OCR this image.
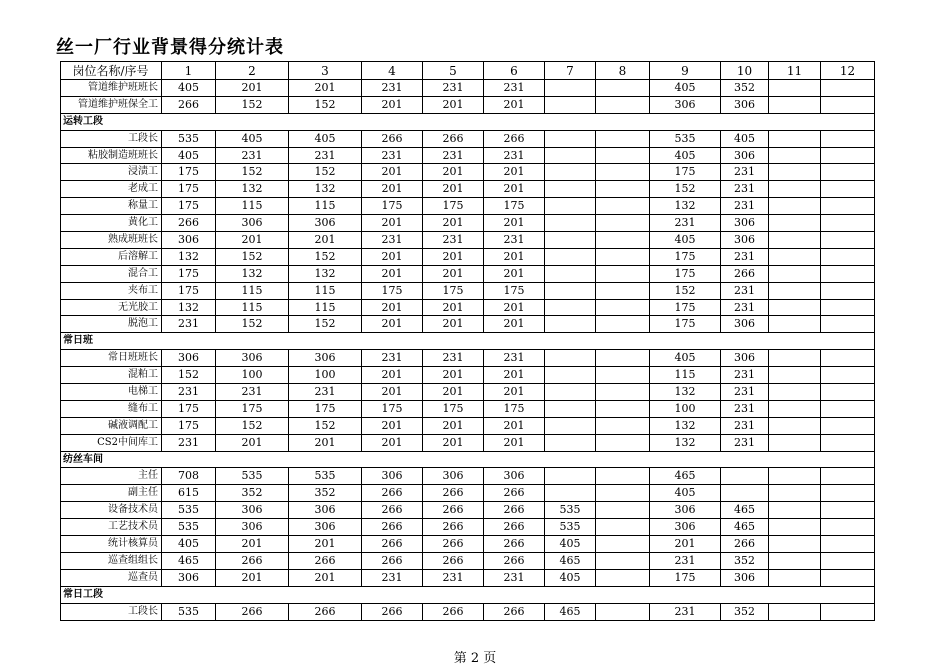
丝一厂行业背景得分统计表
岗位名称/序号	1	2	3	4	5	6	7	8	9	10	11	12
管道维护班班长	405	201	201	231	231	231			405	352		
管道维护班保全工	266	152	152	201	201	201			306	306		
运转工段												
工段长	535	405	405	266	266	266			535	405		
粘胶制造班班长	405	231	231	231	231	231			405	306		
浸渍工	175	152	152	201	201	201			175	231		
老成工	175	132	132	201	201	201			152	231		
称量工	175	115	115	175	175	175			132	231		
黄化工	266	306	306	201	201	201			231	306		
熟成班班长	306	201	201	231	231	231			405	306		
后溶解工	132	152	152	201	201	201			175	231		
混合工	175	132	132	201	201	201			175	266		
夹布工	175	115	115	175	175	175			152	231		
无光胶工	132	115	115	201	201	201			175	231		
脱泡工	231	152	152	201	201	201			175	306		
常日班												
常日班班长	306	306	306	231	231	231			405	306		
混粕工	152	100	100	201	201	201			115	231		
电梯工	231	231	231	201	201	201			132	231		
缝布工	175	175	175	175	175	175			100	231		
碱液调配工	175	152	152	201	201	201			132	231		
CS2中间库工	231	201	201	201	201	201			132	231		
纺丝车间												
主任	708	535	535	306	306	306			465			
副主任	615	352	352	266	266	266			405			
设备技术员	535	306	306	266	266	266	535		306	465		
工艺技术员	535	306	306	266	266	266	535		306	465		
统计核算员	405	201	201	266	266	266	405		201	266		
巡查组组长	465	266	266	266	266	266	465		231	352		
巡查员	306	201	201	231	231	231	405		175	306		
常日工段												
工段长	535	266	266	266	266	266	465		231	352		
第 2 页
